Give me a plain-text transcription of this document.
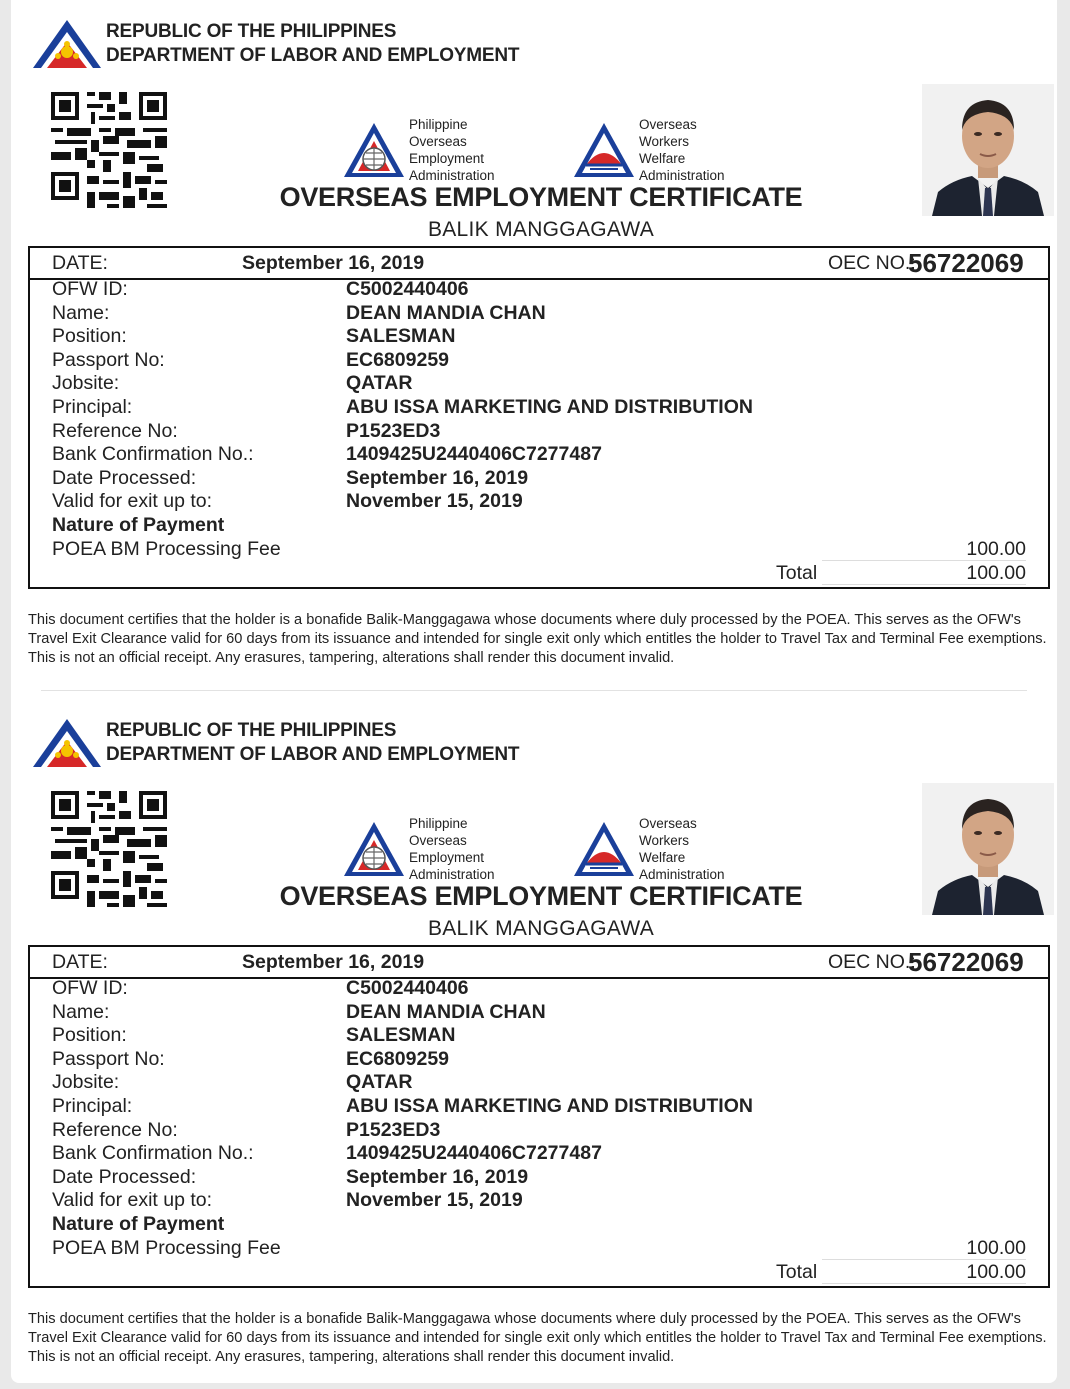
REPUBLIC OF THE PHILIPPINES
DEPARTMENT OF LABOR AND EMPLOYMENT
Philippine
Overseas
Employment
Administration
Overseas
Workers
Welfare
Administration
OVERSEAS EMPLOYMENT CERTIFICATE
BALIK MANGGAGAWA
DATE:	September 16, 2019	OEC NO.:
56722069
OFW ID:	C5002440406
Name:	DEAN MANDIA CHAN
Position:	SALESMAN
Passport No:	EC6809259
Jobsite:	QATAR
Principal:	ABU ISSA MARKETING AND DISTRIBUTION
Reference No:	P1523ED3
Bank Confirmation No.:	1409425U2440406C7277487
Date Processed:	September 16, 2019
Valid for exit up to:	November 15, 2019
Nature of Payment
POEA BM Processing Fee	100.00
Total	100.00
This document certifies that the holder is a bonafide Balik-Manggagawa whose documents where duly processed by the POEA. This serves as the OFW's Travel Exit Clearance valid for 60 days from its issuance and intended for single exit only which entitles the holder to Travel Tax and Terminal Fee exemptions. This is not an official receipt. Any erasures, tampering, alterations shall render this document invalid.
REPUBLIC OF THE PHILIPPINES
DEPARTMENT OF LABOR AND EMPLOYMENT
Philippine
Overseas
Employment
Administration
Overseas
Workers
Welfare
Administration
OVERSEAS EMPLOYMENT CERTIFICATE
BALIK MANGGAGAWA
DATE:	September 16, 2019	OEC NO.:
56722069
OFW ID:	C5002440406
Name:	DEAN MANDIA CHAN
Position:	SALESMAN
Passport No:	EC6809259
Jobsite:	QATAR
Principal:	ABU ISSA MARKETING AND DISTRIBUTION
Reference No:	P1523ED3
Bank Confirmation No.:	1409425U2440406C7277487
Date Processed:	September 16, 2019
Valid for exit up to:	November 15, 2019
Nature of Payment
POEA BM Processing Fee	100.00
Total	100.00
This document certifies that the holder is a bonafide Balik-Manggagawa whose documents where duly processed by the POEA. This serves as the OFW's Travel Exit Clearance valid for 60 days from its issuance and intended for single exit only which entitles the holder to Travel Tax and Terminal Fee exemptions. This is not an official receipt. Any erasures, tampering, alterations shall render this document invalid.
